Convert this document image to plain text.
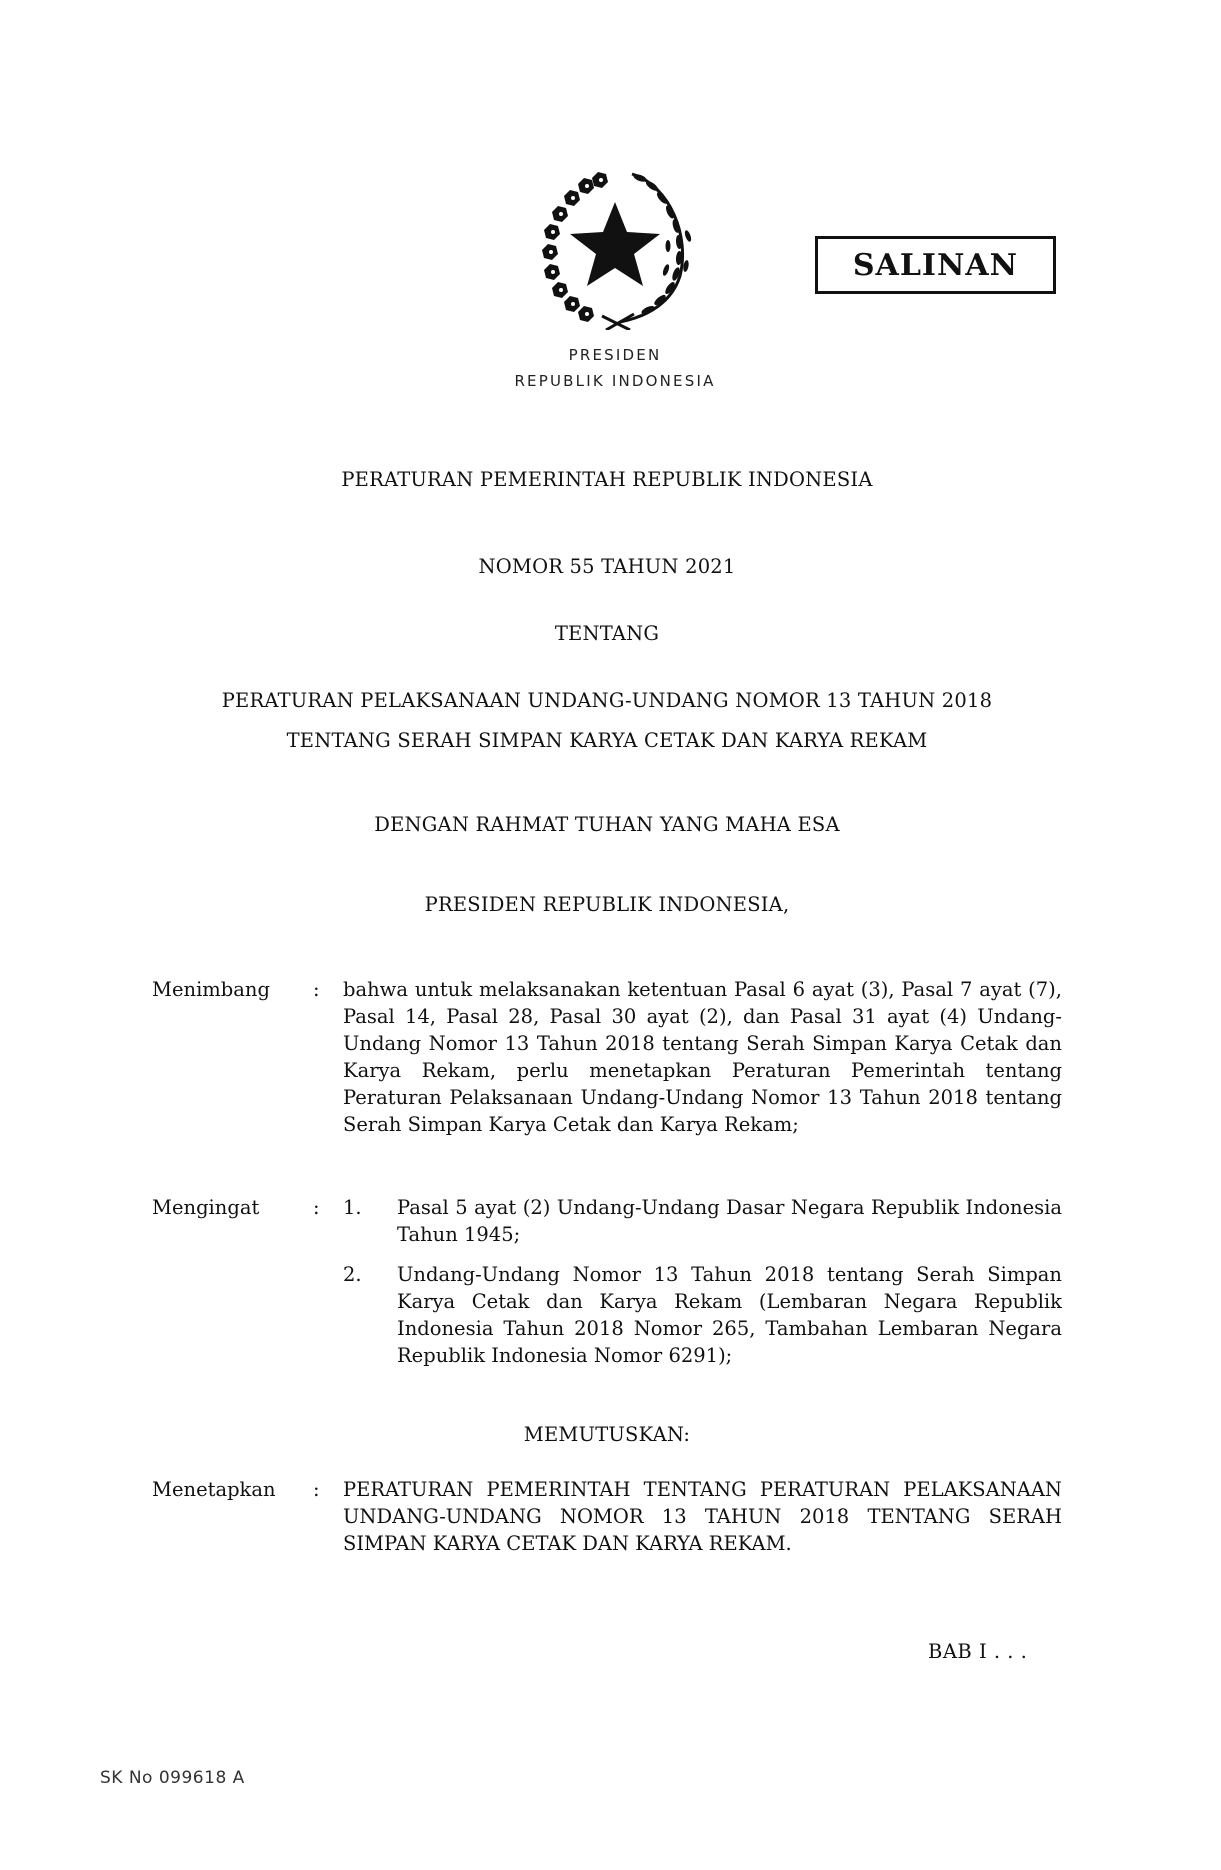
SALINAN
PRESIDEN
REPUBLIK INDONESIA
PERATURAN PEMERINTAH REPUBLIK INDONESIA
NOMOR 55 TAHUN 2021
TENTANG
PERATURAN PELAKSANAAN UNDANG-UNDANG NOMOR 13 TAHUN 2018
TENTANG SERAH SIMPAN KARYA CETAK DAN KARYA REKAM
DENGAN RAHMAT TUHAN YANG MAHA ESA
PRESIDEN REPUBLIK INDONESIA,
Menimbang : bahwa untuk melaksanakan ketentuan Pasal 6 ayat (3), Pasal 7 ayat (7), Pasal 14, Pasal 28, Pasal 30 ayat (2), dan Pasal 31 ayat (4) Undang-Undang Nomor 13 Tahun 2018 tentang Serah Simpan Karya Cetak dan Karya Rekam, perlu menetapkan Peraturan Pemerintah tentang Peraturan Pelaksanaan Undang-Undang Nomor 13 Tahun 2018 tentang Serah Simpan Karya Cetak dan Karya Rekam;
Mengingat	: 1. Pasal 5 ayat (2) Undang-Undang Dasar Negara Republik Indonesia Tahun 1945;
2. Undang-Undang Nomor 13 Tahun 2018 tentang Serah Simpan Karya Cetak dan Karya Rekam (Lembaran Negara Republik Indonesia Tahun 2018 Nomor 265, Tambahan Lembaran Negara Republik Indonesia Nomor 6291);
MEMUTUSKAN:
Menetapkan : PERATURAN PEMERINTAH TENTANG PERATURAN PELAKSANAAN UNDANG-UNDANG NOMOR 13 TAHUN 2018 TENTANG SERAH SIMPAN KARYA CETAK DAN KARYA REKAM.
BAB I . . .
SK No 099618 A
